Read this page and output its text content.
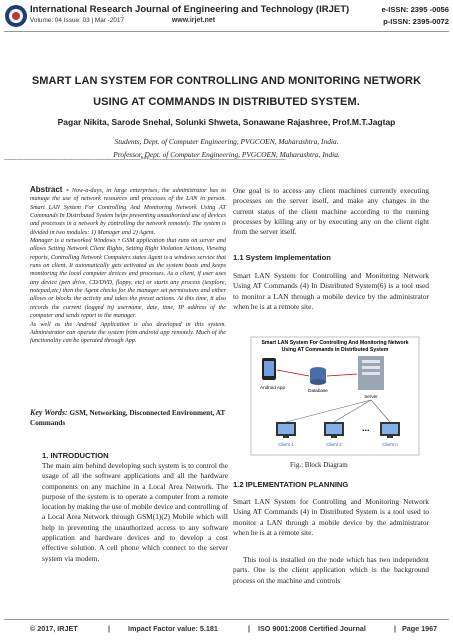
International Research Journal of Engineering and Technology (IRJET)
Volume: 04 Issue: 03 | Mar -2017	www.irjet.net
e-ISSN: 2395 -0056
p-ISSN: 2395-0072
SMART LAN SYSTEM FOR CONTROLLING AND MONITORING NETWORK
USING AT COMMANDS IN DISTRIBUTED SYSTEM.
Pagar Nikita, Sarode Snehal, Solunki Shweta, Sonawane Rajashree, Prof.M.T.Jagtap
Students, Dept. of Computer Engineering, PVGCOEN, Maharashtra, India.
Professor, Dept. of Computer Engineering, PVGCOEN, Maharashtra, India.
----------------------------------------------------------------------------***----------------------------------------------------------------------------
Abstract - Now-a-days, in large enterprises, the administrator has to manage the use of network resources and processes of the LAN in person. Smart LAN System For Controlling And Monitoring Network Using AT Commands In Distributed System helps preventing unauthorized use of devices and processes in a network by controlling the network remotely. The system is divided in two modules: 1) Manager and 2) Agent.
Manager is a networked Windows • GSM application that runs on server and allows Setting Network Client Rights, Setting Right Violation Actions, Viewing reports, Controlling Network Computers states Agent is a windows service that runs on client. It automatically gets activated as the system boots and keeps monitoring the local computer devices and processes. As a client, if user uses any device (pen drive, CD/DVD, floppy, etc) or starts any process (iexplore, notepad,etc) then the Agent checks for the manager set permissions and either allows or blocks the activity and takes the preset actions. At this time, it also records the current (logged in) username, date, time, IP address of the computer and sends report to the manager.
As well as the Android Application is also developed in this system. Administrator can operate the system from android app remotely. Much of the functionality can be operated through App.
Key Words: GSM, Networking, Disconnected Environment, AT Commands
1. INTRODUCTION
The main aim behind developing such system is to control the usage of all the software applications and all the hardware components on any machine in a Local Area Network. The purpose of the system is to operate a computer from a remote location by making the use of mobile device and controlling of a Local Area Network through GSM(1)(2) Mobile which will help in preventing the unauthorized access to any software application and hardware devices and to develop a cost effective solution. A cell phone which connect to the server system via modem.
One goal is to access any client machines currently executing processes on the server itself, and make any changes in the current status of the client machine according to the running processes by killing any or by executing any on the client right from the server itself.
1.1 System Implementation
Smart LAN System for Controlling and Monitoring Network Using AT Commands (4) In Distributed System(6) is a tool used to monitor a LAN through a mobile device by the administrator when he is at a remote site.
Smart LAN System For Controlling And Monitoring Network
Using AT Commands In Distributed System
Android App
Database
Server
...
Client 1	Client 2	Client n
Fig.: Block Diagram
1.2 IPLEMENTATION PLANNING
Smart LAN System for Controlling and Monitoring Network Using AT Commands (4) in Distributed System is a tool used to monitor a LAN through a mobile device by the administrator when he is at a remote site.
This tool is installed on the node which has two independent parts. One is the client application which is the background process on the machine and controls
© 2017, IRJET	| Impact Factor value: 5.181	| ISO 9001:2008 Certified Journal	| Page 1967
